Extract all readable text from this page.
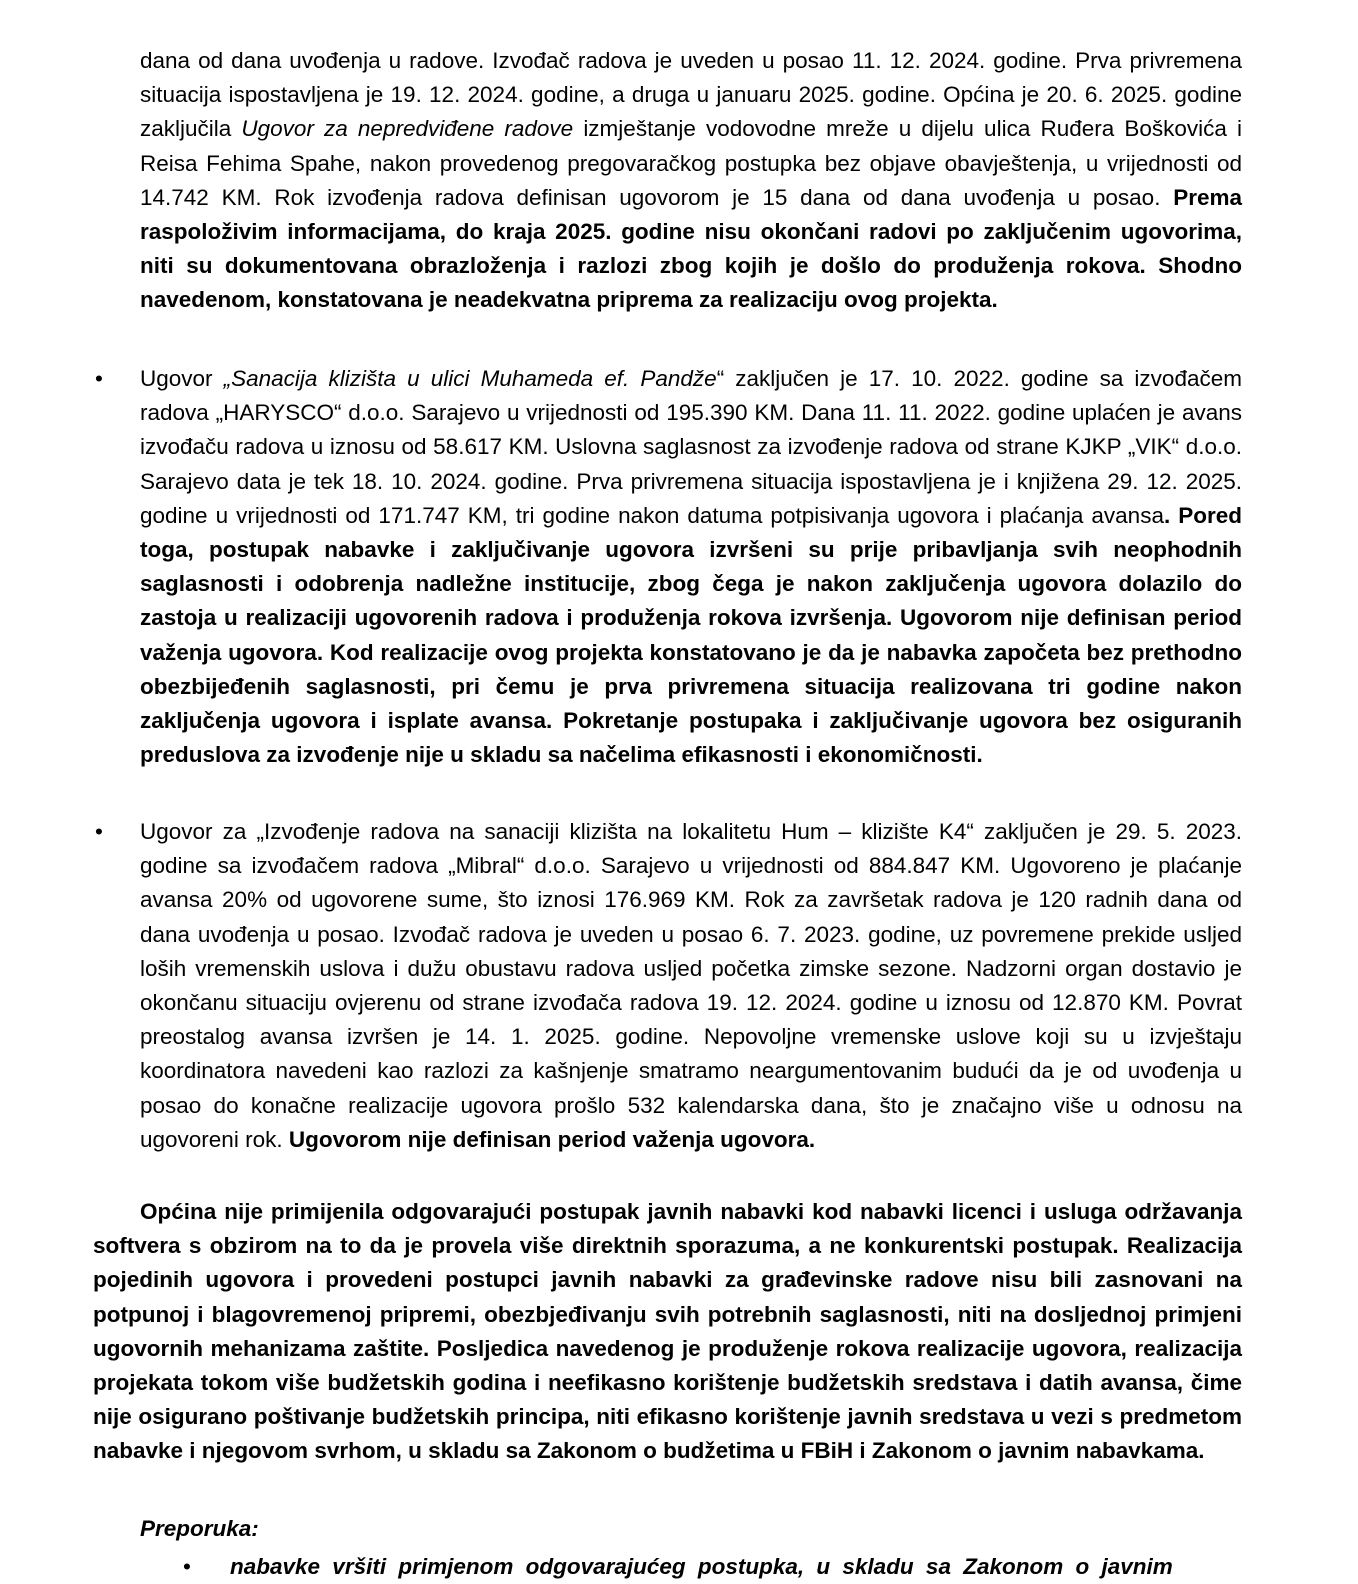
dana od dana uvođenja u radove. Izvođač radova je uveden u posao 11. 12. 2024. godine. Prva privremena situacija ispostavljena je 19. 12. 2024. godine, a druga u januaru 2025. godine. Općina je 20. 6. 2025. godine zaključila Ugovor za nepredviđene radove izmještanje vodovodne mreže u dijelu ulica Ruđera Boškovića i Reisa Fehima Spahe, nakon provedenog pregovaračkog postupka bez objave obavještenja, u vrijednosti od 14.742 KM. Rok izvođenja radova definisan ugovorom je 15 dana od dana uvođenja u posao. Prema raspoloživim informacijama, do kraja 2025. godine nisu okončani radovi po zaključenim ugovorima, niti su dokumentovana obrazloženja i razlozi zbog kojih je došlo do produženja rokova. Shodno navedenom, konstatovana je neadekvatna priprema za realizaciju ovog projekta.

• Ugovor „Sanacija klizišta u ulici Muhameda ef. Pandže“ zaključen je 17. 10. 2022. godine sa izvođačem radova „HARYSCO“ d.o.o. Sarajevo u vrijednosti od 195.390 KM. Dana 11. 11. 2022. godine uplaćen je avans izvođaču radova u iznosu od 58.617 KM. Uslovna saglasnost za izvođenje radova od strane KJKP „VIK“ d.o.o. Sarajevo data je tek 18. 10. 2024. godine. Prva privremena situacija ispostavljena je i knjižena 29. 12. 2025. godine u vrijednosti od 171.747 KM, tri godine nakon datuma potpisivanja ugovora i plaćanja avansa. Pored toga, postupak nabavke i zaključivanje ugovora izvršeni su prije pribavljanja svih neophodnih saglasnosti i odobrenja nadležne institucije, zbog čega je nakon zaključenja ugovora dolazilo do zastoja u realizaciji ugovorenih radova i produženja rokova izvršenja. Ugovorom nije definisan period važenja ugovora. Kod realizacije ovog projekta konstatovano je da je nabavka započeta bez prethodno obezbijeđenih saglasnosti, pri čemu je prva privremena situacija realizovana tri godine nakon zaključenja ugovora i isplate avansa. Pokretanje postupaka i zaključivanje ugovora bez osiguranih preduslova za izvođenje nije u skladu sa načelima efikasnosti i ekonomičnosti.

• Ugovor za „Izvođenje radova na sanaciji klizišta na lokalitetu Hum – klizište K4“ zaključen je 29. 5. 2023. godine sa izvođačem radova „Mibral“ d.o.o. Sarajevo u vrijednosti od 884.847 KM. Ugovoreno je plaćanje avansa 20% od ugovorene sume, što iznosi 176.969 KM. Rok za završetak radova je 120 radnih dana od dana uvođenja u posao. Izvođač radova je uveden u posao 6. 7. 2023. godine, uz povremene prekide usljed loših vremenskih uslova i dužu obustavu radova usljed početka zimske sezone. Nadzorni organ dostavio je okončanu situaciju ovjerenu od strane izvođača radova 19. 12. 2024. godine u iznosu od 12.870 KM. Povrat preostalog avansa izvršen je 14. 1. 2025. godine. Nepovoljne vremenske uslove koji su u izvještaju koordinatora navedeni kao razlozi za kašnjenje smatramo neargumentovanim budući da je od uvođenja u posao do konačne realizacije ugovora prošlo 532 kalendarska dana, što je značajno više u odnosu na ugovoreni rok. Ugovorom nije definisan period važenja ugovora.

Općina nije primijenila odgovarajući postupak javnih nabavki kod nabavki licenci i usluga održavanja softvera s obzirom na to da je provela više direktnih sporazuma, a ne konkurentski postupak. Realizacija pojedinih ugovora i provedeni postupci javnih nabavki za građevinske radove nisu bili zasnovani na potpunoj i blagovremenoj pripremi, obezbjeđivanju svih potrebnih saglasnosti, niti na dosljednoj primjeni ugovornih mehanizama zaštite. Posljedica navedenog je produženje rokova realizacije ugovora, realizacija projekata tokom više budžetskih godina i neefikasno korištenje budžetskih sredstava i datih avansa, čime nije osigurano poštivanje budžetskih principa, niti efikasno korištenje javnih sredstava u vezi s predmetom nabavke i njegovom svrhom, u skladu sa Zakonom o budžetima u FBiH i Zakonom o javnim nabavkama.

Preporuka:

• nabavke vršiti primjenom odgovarajućeg postupka, u skladu sa Zakonom o javnim
